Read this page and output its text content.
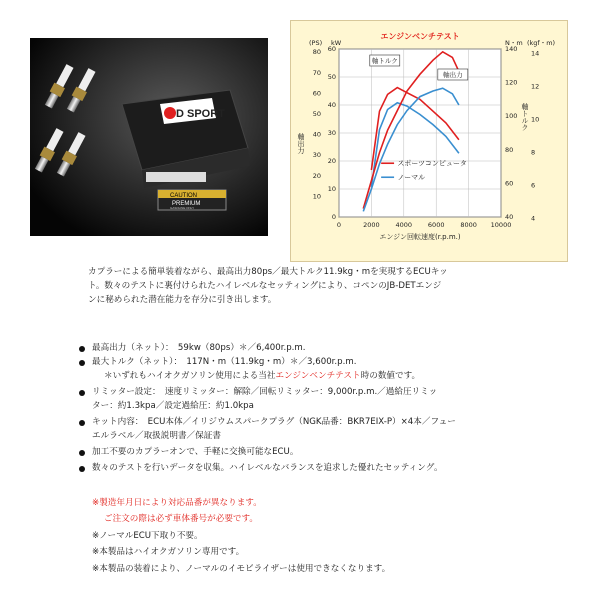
D SPORT
CAUTION
PREMIUM
GASOLINE ONLY
0	2000 4000 6000 8000 10000
0
10
20
30
40
50
60
10
20
30
40
50
60
70
80
40
60
80
100
120
140
4
6
8
10
12
14
(PS) kW	N・m (kgf・m)
エンジンベンチテスト
エンジン回転速度(r.p.m.)
軸出力
軸トルク
軸トルク
軸出力
スポーツコンピュータ
ノーマル
カプラーによる簡単装着ながら、最高出力80ps／最大トルク11.9kg・mを実現するECUキッ
ト。数々のテストに裏付けられたハイレベルなセッティングにより、コペンのJB-DETエンジ
ンに秘められた潜在能力を存分に引き出します。
最高出力（ネット）：　59kw（80ps）＊／6,400r.p.m.
最大トルク（ネット）：　117N・m（11.9kg・m）＊／3,600r.p.m.
＊いずれもハイオクガソリン使用による当社エンジンベンチテスト時の数値です。
リミッター設定：　速度リミッター：解除／回転リミッター：9,000r.p.m.／過給圧リミッ
ター：約1.3kpa／設定過給圧：約1.0kpa
キット内容：　ECU本体／イリジウムスパークプラグ（NGK品番：BKR7EIX-P）×4本／フュー
エルラベル／取扱説明書／保証書
加工不要のカプラーオンで、手軽に交換可能なECU。
数々のテストを行いデータを収集。ハイレベルなバランスを追求した優れたセッティング。
※製造年月日により対応品番が異なります。
ご注文の際は必ず車体番号が必要です。
※ノーマルECU下取り不要。
※本製品はハイオクガソリン専用です。
※本製品の装着により、ノーマルのイモビライザーは使用できなくなります。
